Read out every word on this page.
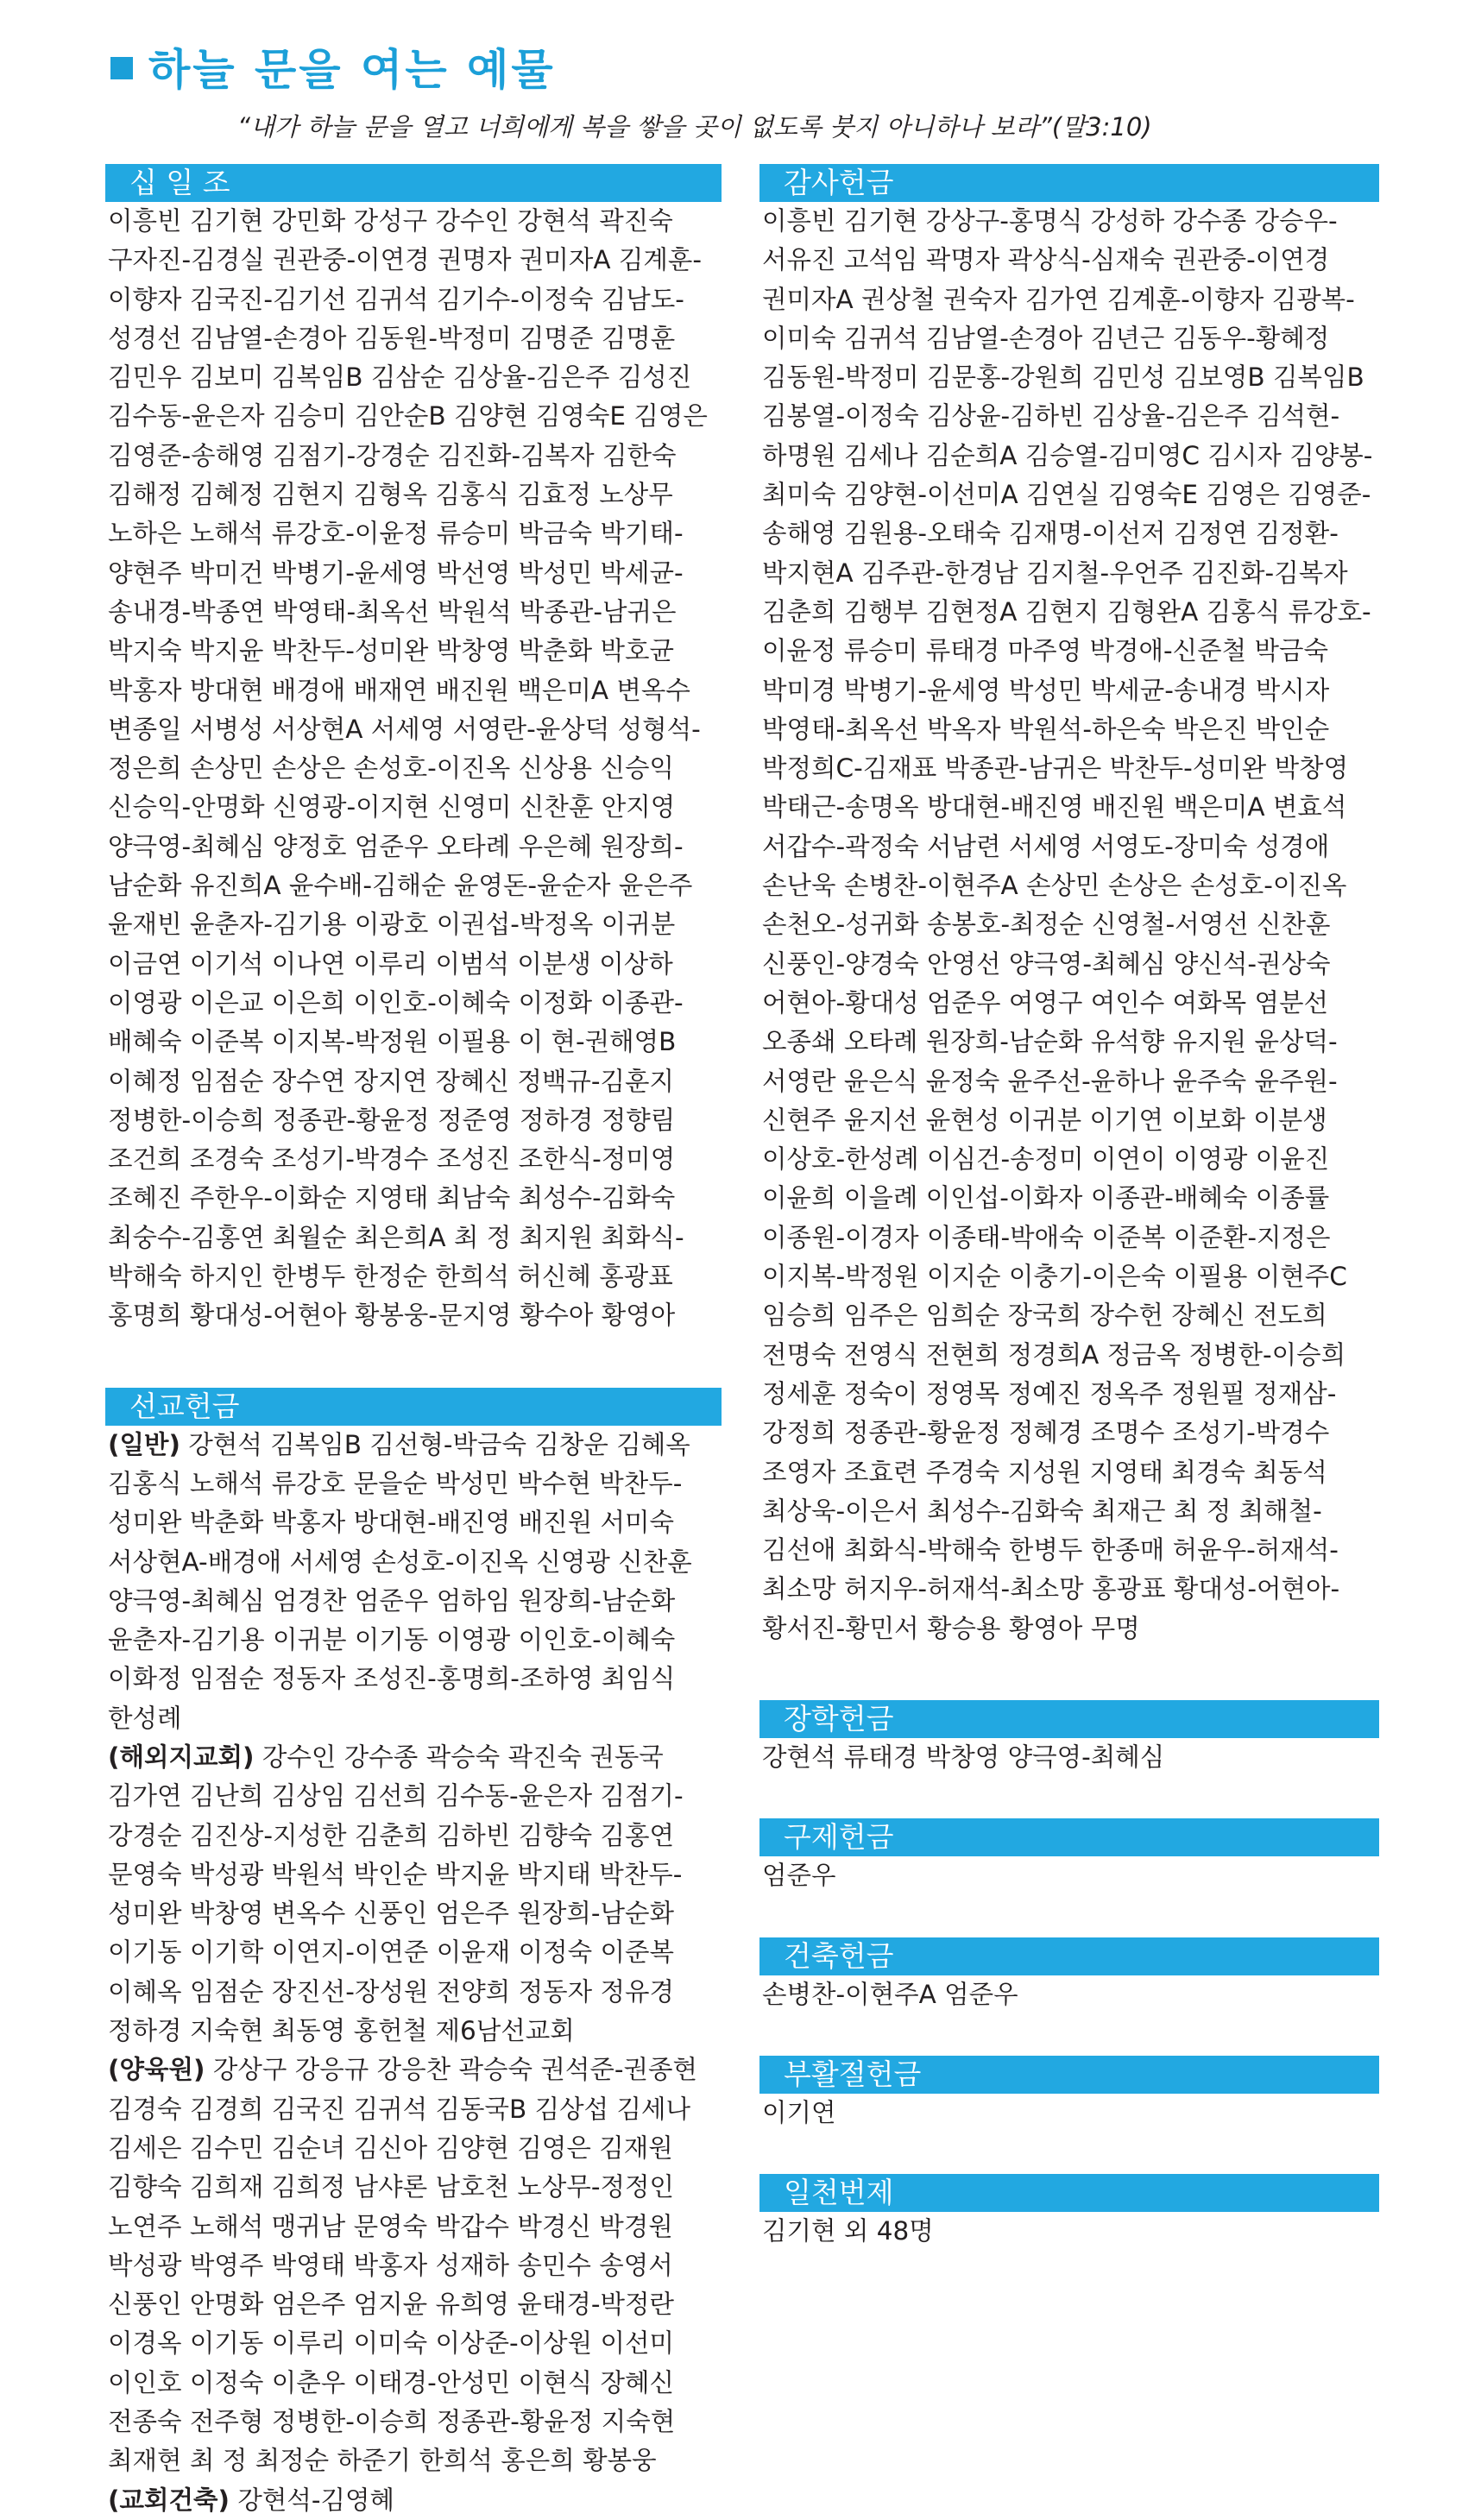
하늘 문을 여는 예물
“내가 하늘 문을 열고 너희에게 복을 쌓을 곳이 없도록 붓지 아니하나 보라”(말3:10)
십 일 조

이흥빈 김기현 강민화 강성구 강수인 강현석 곽진숙 구자진-김경실 권관중-이연경 권명자 권미자A 김계훈-이향자 김국진-김기선 김귀석 김기수-이정숙 김남도-성경선 김남열-손경아 김동원-박정미 김명준 김명훈 김민우 김보미 김복임B 김삼순 김상율-김은주 김성진 김수동-윤은자 김승미 김안순B 김양현 김영숙E 김영은 김영준-송해영 김점기-강경순 김진화-김복자 김한숙 김해정 김혜정 김현지 김형옥 김홍식 김효정 노상무 노하은 노해석 류강호-이윤정 류승미 박금숙 박기태-양현주 박미건 박병기-윤세영 박선영 박성민 박세균-송내경-박종연 박영태-최옥선 박원석 박종관-남귀은 박지숙 박지윤 박찬두-성미완 박창영 박춘화 박호균 박홍자 방대현 배경애 배재연 배진원 백은미A 변옥수 변종일 서병성 서상현A 서세영 서영란-윤상덕 성형석-정은희 손상민 손상은 손성호-이진옥 신상용 신승익 신승익-안명화 신영광-이지현 신영미 신찬훈 안지영 양극영-최혜심 양정호 엄준우 오타례 우은혜 원장희-남순화 유진희A 윤수배-김해순 윤영돈-윤순자 윤은주 윤재빈 윤춘자-김기용 이광호 이권섭-박정옥 이귀분 이금연 이기석 이나연 이루리 이범석 이분생 이상하 이영광 이은교 이은희 이인호-이혜숙 이정화 이종관-배혜숙 이준복 이지복-박정원 이필용 이 현-권해영B 이혜정 임점순 장수연 장지연 장혜신 정백규-김훈지 정병한-이승희 정종관-황윤정 정준영 정하경 정향림 조건희 조경숙 조성기-박경수 조성진 조한식-정미영 조혜진 주한우-이화순 지영태 최남숙 최성수-김화숙 최숭수-김홍연 최월순 최은희A 최 정 최지원 최화식-박해숙 하지인 한병두 한정순 한희석 허신혜 홍광표 홍명희 황대성-어현아 황봉웅-문지영 황수아 황영아

선교헌금

(일반) 강현석 김복임B 김선형-박금숙 김창운 김혜옥 김홍식 노해석 류강호 문을순 박성민 박수현 박찬두-성미완 박춘화 박홍자 방대현-배진영 배진원 서미숙 서상현A-배경애 서세영 손성호-이진옥 신영광 신찬훈 양극영-최혜심 엄경찬 엄준우 엄하임 원장희-남순화 윤춘자-김기용 이귀분 이기동 이영광 이인호-이혜숙 이화정 임점순 정동자 조성진-홍명희-조하영 최임식 한성례

(해외지교회) 강수인 강수종 곽승숙 곽진숙 권동국 김가연 김난희 김상임 김선희 김수동-윤은자 김점기-강경순 김진상-지성한 김춘희 김하빈 김향숙 김홍연 문영숙 박성광 박원석 박인순 박지윤 박지태 박찬두-성미완 박창영 변옥수 신풍인 엄은주 원장희-남순화 이기동 이기학 이연지-이연준 이윤재 이정숙 이준복 이혜옥 임점순 장진선-장성원 전양희 정동자 정유경 정하경 지숙현 최동영 홍헌철 제6남선교회

(양육원) 강상구 강응규 강응찬 곽승숙 권석준-권종현 김경숙 김경희 김국진 김귀석 김동국B 김상섭 김세나 김세은 김수민 김순녀 김신아 김양현 김영은 김재원 김향숙 김희재 김희정 남샤론 남호천 노상무-정정인 노연주 노해석 맹귀남 문영숙 박갑수 박경신 박경원 박성광 박영주 박영태 박홍자 성재하 송민수 송영서 신풍인 안명화 엄은주 엄지윤 유희영 윤태경-박정란 이경옥 이기동 이루리 이미숙 이상준-이상원 이선미 이인호 이정숙 이춘우 이태경-안성민 이현식 장혜신 전종숙 전주형 정병한-이승희 정종관-황윤정 지숙현 최재현 최 정 최정순 하준기 한희석 홍은희 황봉웅

(교회건축) 강현석-김영혜

감사헌금

이흥빈 김기현 강상구-홍명식 강성하 강수종 강승우-서유진 고석임 곽명자 곽상식-심재숙 권관중-이연경 권미자A 권상철 권숙자 김가연 김계훈-이향자 김광복-이미숙 김귀석 김남열-손경아 김년근 김동우-황혜정 김동원-박정미 김문홍-강원희 김민성 김보영B 김복임B 김봉열-이정숙 김상윤-김하빈 김상율-김은주 김석현-하명원 김세나 김순희A 김승열-김미영C 김시자 김양봉-최미숙 김양현-이선미A 김연실 김영숙E 김영은 김영준-송해영 김원용-오태숙 김재명-이선저 김정연 김정환-박지현A 김주관-한경남 김지철-우언주 김진화-김복자 김춘희 김행부 김현정A 김현지 김형완A 김홍식 류강호-이윤정 류승미 류태경 마주영 박경애-신준철 박금숙 박미경 박병기-윤세영 박성민 박세균-송내경 박시자 박영태-최옥선 박옥자 박원석-하은숙 박은진 박인순 박정희C-김재표 박종관-남귀은 박찬두-성미완 박창영 박태근-송명옥 방대현-배진영 배진원 백은미A 변효석 서갑수-곽정숙 서남련 서세영 서영도-장미숙 성경애 손난욱 손병찬-이현주A 손상민 손상은 손성호-이진옥 손천오-성귀화 송봉호-최정순 신영철-서영선 신찬훈 신풍인-양경숙 안영선 양극영-최혜심 양신석-권상숙 어현아-황대성 엄준우 여영구 여인수 여화목 염분선 오종쇄 오타례 원장희-남순화 유석향 유지원 윤상덕-서영란 윤은식 윤정숙 윤주선-윤하나 윤주숙 윤주원-신현주 윤지선 윤현성 이귀분 이기연 이보화 이분생 이상호-한성례 이심건-송정미 이연이 이영광 이윤진 이윤희 이을례 이인섭-이화자 이종관-배혜숙 이종률 이종원-이경자 이종태-박애숙 이준복 이준환-지정은 이지복-박정원 이지순 이충기-이은숙 이필용 이현주C 임승희 임주은 임희순 장국희 장수헌 장혜신 전도희 전명숙 전영식 전현희 정경희A 정금옥 정병한-이승희 정세훈 정숙이 정영목 정예진 정옥주 정원필 정재삼-강정희 정종관-황윤정 정혜경 조명수 조성기-박경수 조영자 조효련 주경숙 지성원 지영태 최경숙 최동석 최상욱-이은서 최성수-김화숙 최재근 최 정 최해철-김선애 최화식-박해숙 한병두 한종매 허윤우-허재석-최소망 허지우-허재석-최소망 홍광표 황대성-어현아-황서진-황민서 황승용 황영아 무명

장학헌금

강현석 류태경 박창영 양극영-최혜심

구제헌금

엄준우

건축헌금

손병찬-이현주A 엄준우

부활절헌금

이기연

일천번제

김기현 외 48명
